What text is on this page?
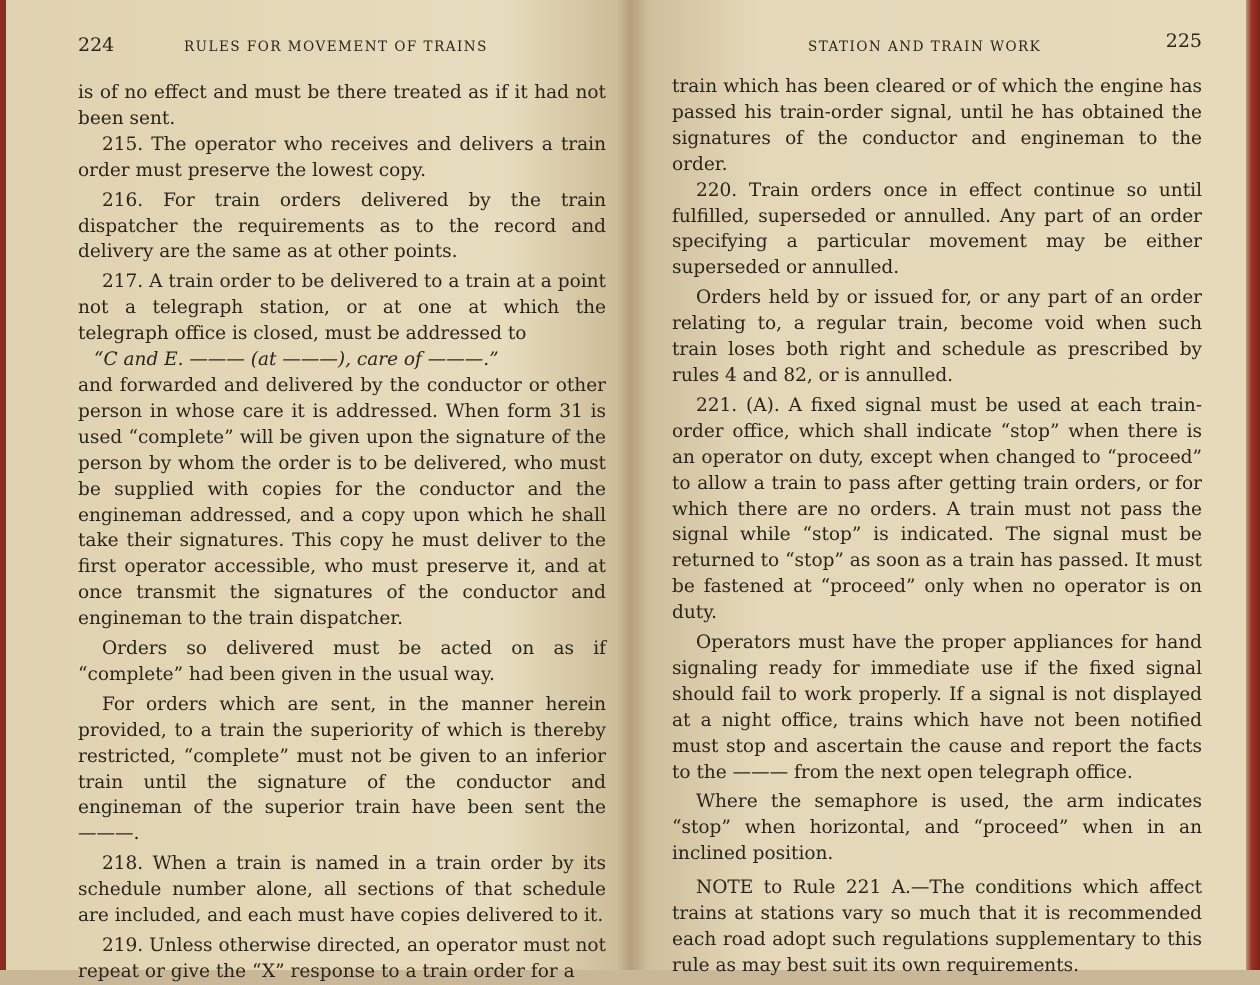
224	RULES FOR MOVEMENT OF TRAINS

is of no effect and must be there treated as if it had not been sent.

215. The operator who receives and delivers a train order must preserve the lowest copy.

216. For train orders delivered by the train dispatcher the requirements as to the record and delivery are the same as at other points.

217. A train order to be delivered to a train at a point not a telegraph station, or at one at which the telegraph office is closed, must be addressed to

“C and E. ——— (at ———), care of ———.”

and forwarded and delivered by the conductor or other person in whose care it is addressed. When form 31 is used “complete” will be given upon the signature of the person by whom the order is to be delivered, who must be supplied with copies for the conductor and the engineman addressed, and a copy upon which he shall take their signatures. This copy he must deliver to the first operator accessible, who must preserve it, and at once transmit the signatures of the conductor and engineman to the train dispatcher.

Orders so delivered must be acted on as if “complete” had been given in the usual way.

For orders which are sent, in the manner herein provided, to a train the superiority of which is thereby restricted, “complete” must not be given to an inferior train until the signature of the conductor and engineman of the superior train have been sent the ———.

218. When a train is named in a train order by its schedule number alone, all sections of that schedule are included, and each must have copies delivered to it.

219. Unless otherwise directed, an operator must not repeat or give the “X” response to a train order for a

STATION AND TRAIN WORK	225

train which has been cleared or of which the engine has passed his train-order signal, until he has obtained the signatures of the conductor and engineman to the order.

220. Train orders once in effect continue so until fulfilled, superseded or annulled. Any part of an order specifying a particular movement may be either superseded or annulled.

Orders held by or issued for, or any part of an order relating to, a regular train, become void when such train loses both right and schedule as prescribed by rules 4 and 82, or is annulled.

221. (A). A fixed signal must be used at each train-order office, which shall indicate “stop” when there is an operator on duty, except when changed to “proceed” to allow a train to pass after getting train orders, or for which there are no orders. A train must not pass the signal while “stop” is indicated. The signal must be returned to “stop” as soon as a train has passed. It must be fastened at “proceed” only when no operator is on duty.

Operators must have the proper appliances for hand signaling ready for immediate use if the fixed signal should fail to work properly. If a signal is not displayed at a night office, trains which have not been notified must stop and ascertain the cause and report the facts to the ——— from the next open telegraph office.

Where the semaphore is used, the arm indicates “stop” when horizontal, and “proceed” when in an inclined position.

NOTE to Rule 221 A.—The conditions which affect trains at stations vary so much that it is recommended each road adopt such regulations supplementary to this rule as may best suit its own requirements.
